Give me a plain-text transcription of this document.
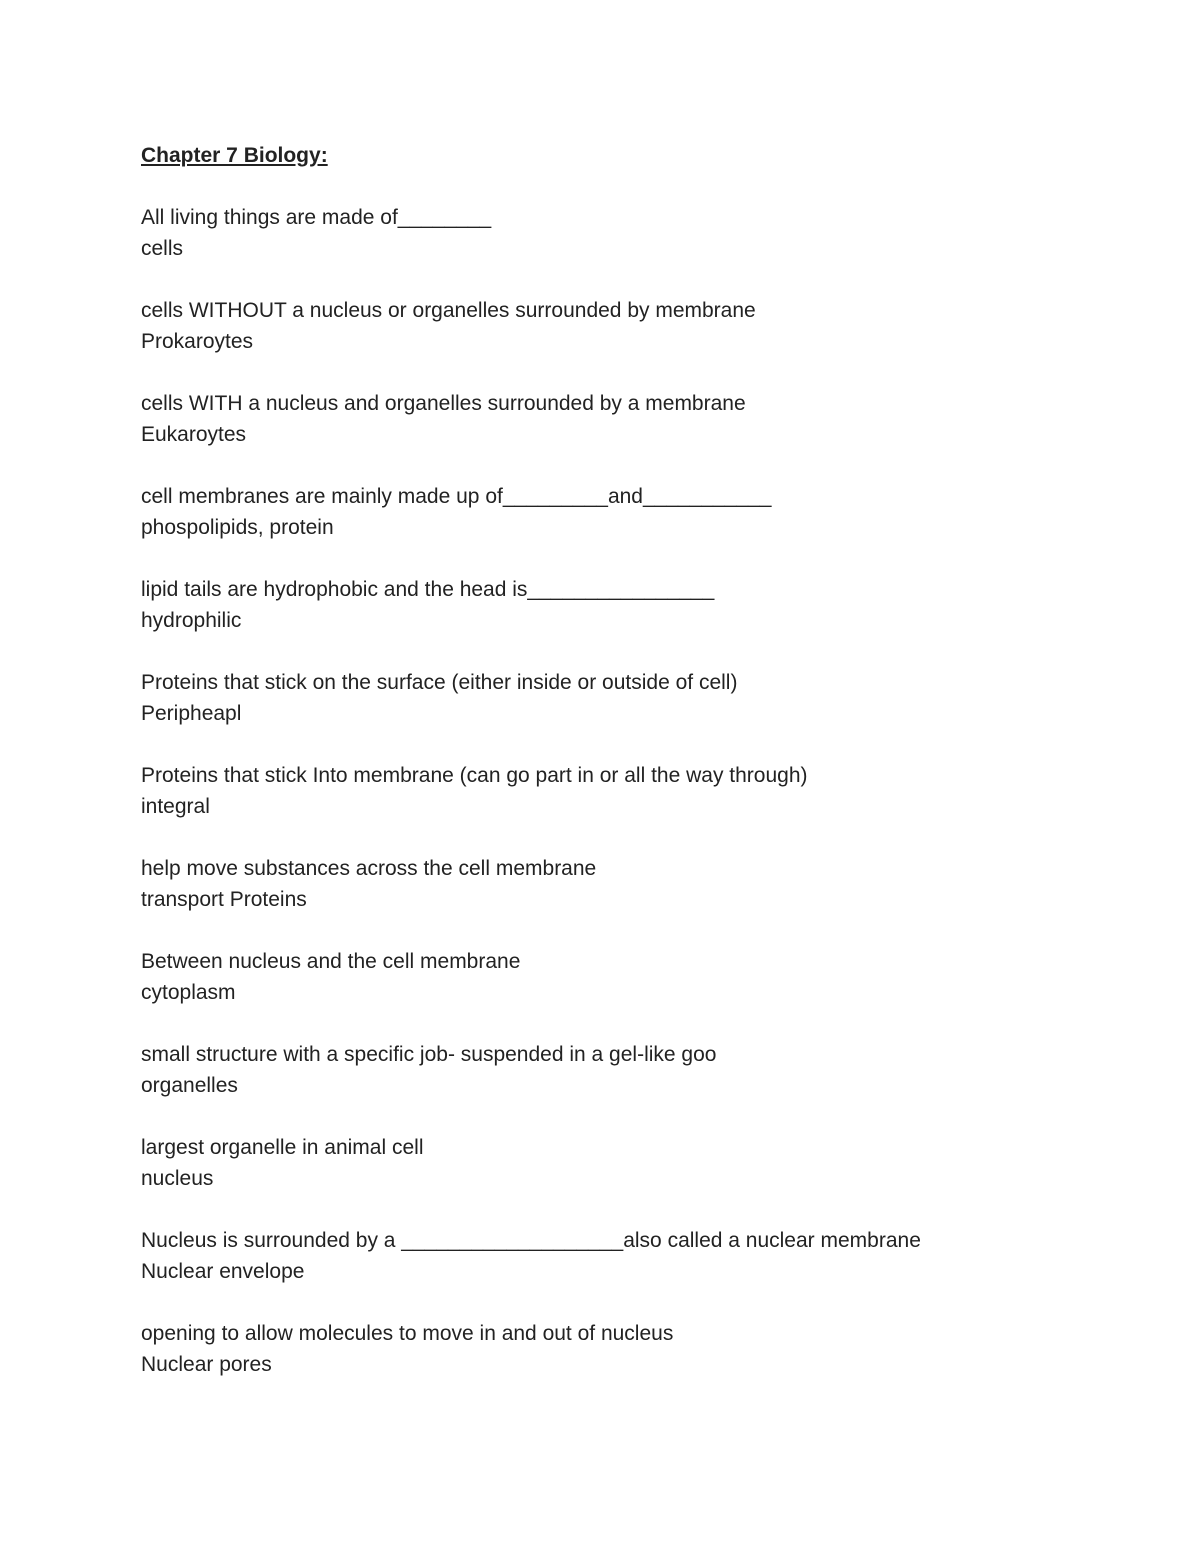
Chapter 7 Biology:
All living things are made of________
cells
cells WITHOUT a nucleus or organelles surrounded by membrane
Prokaroytes
cells WITH a nucleus and organelles surrounded by a membrane
Eukaroytes
cell membranes are mainly made up of_________and___________
phospolipids, protein
lipid tails are hydrophobic and the head is________________
hydrophilic
Proteins that stick on the surface (either inside or outside of cell)
Peripheарl
Proteins that stick Into membrane (can go part in or all the way through)
integral
help move substances across the cell membrane
transport Proteins
Between nucleus and the cell membrane
cytoplasm
small structure with a specific job- suspended in a gel-like goo
organelles
largest organelle in animal cell
nucleus
Nucleus is surrounded by a ___________________also called a nuclear membrane
Nuclear envelope
opening to allow molecules to move in and out of nucleus
Nuclear pores
